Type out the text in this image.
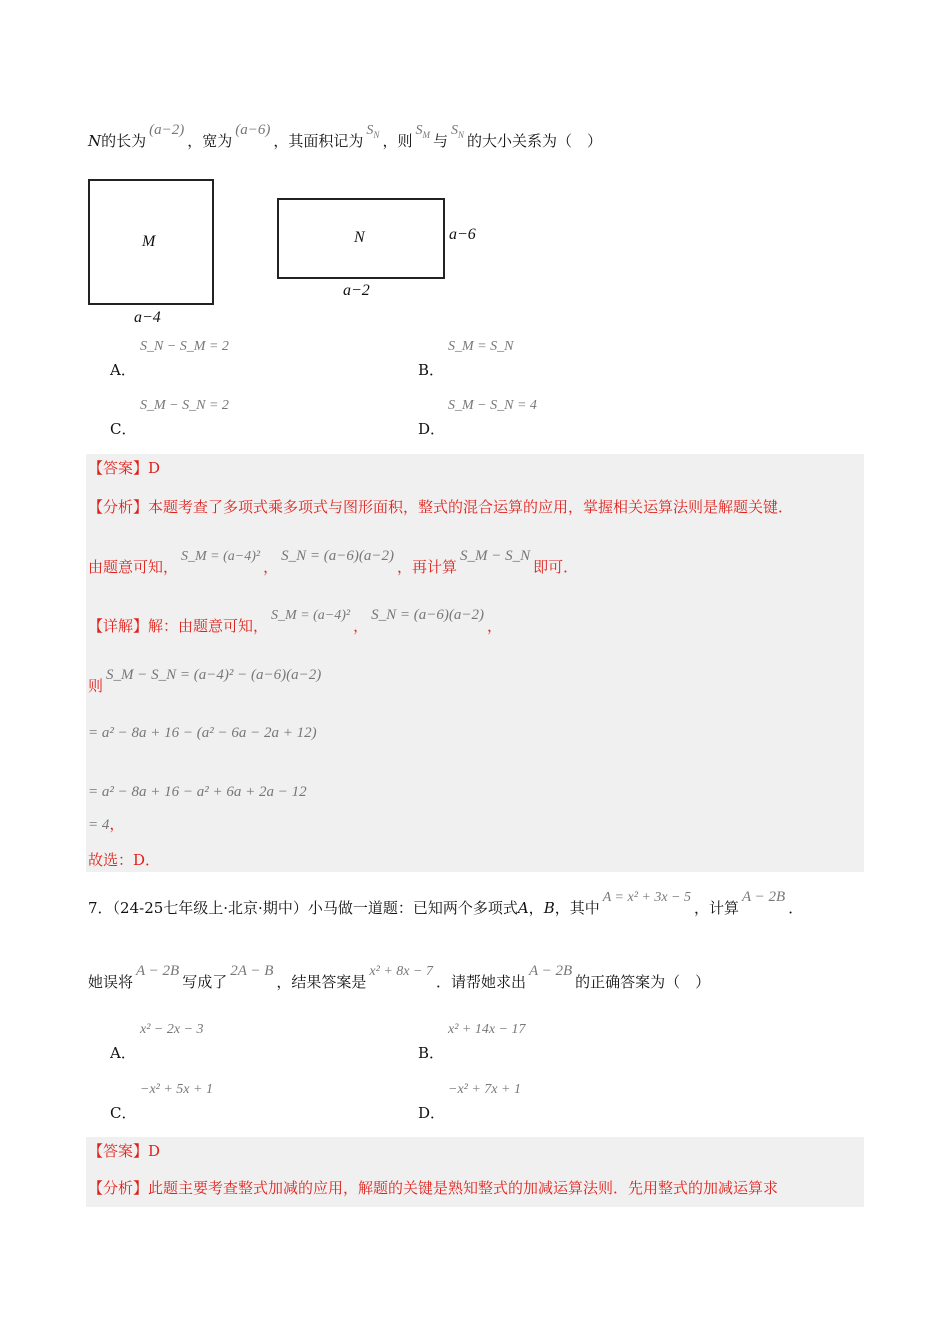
N的长为(a−2)，宽为(a−6)，其面积记为$S_N$ ，则$S_M$ 与$S_N$ 的大小关系为（　）
M
a−4
N	a−6
a−2
A．
S_N − S_M = 2
B．
S_M = S_N
C．
S_M − S_N = 2
D．
S_M − S_N = 4
【答案】D
【分析】本题考查了多项式乘多项式与图形面积，整式的混合运算的应用，掌握相关运算法则是解题关键．
由题意可知，S_M = (a−4)²，S_N = (a−6)(a−2)，再计算S_M − S_N即可．
【详解】解：由题意可知，S_M = (a−4)²，S_N = (a−6)(a−2)，
则S_M − S_N = (a−4)² − (a−6)(a−2)
= a² − 8a + 16 − (a² − 6a − 2a + 12)
= a² − 8a + 16 − a² + 6a + 2a − 12
= 4，
故选：D．
7．（24-25七年级上·北京·期中）小马做一道题：已知两个多项式A，B，其中A = x² + 3x − 5，计算A − 2B．
她误将A − 2B写成了2A − B，结果答案是x² + 8x − 7．请帮她求出A − 2B的正确答案为（　）
A．
x² − 2x − 3
B．
x² + 14x − 17
C．
−x² + 5x + 1
D．
−x² + 7x + 1
【答案】D
【分析】此题主要考查整式加减的应用，解题的关键是熟知整式的加减运算法则．先用整式的加减运算求
